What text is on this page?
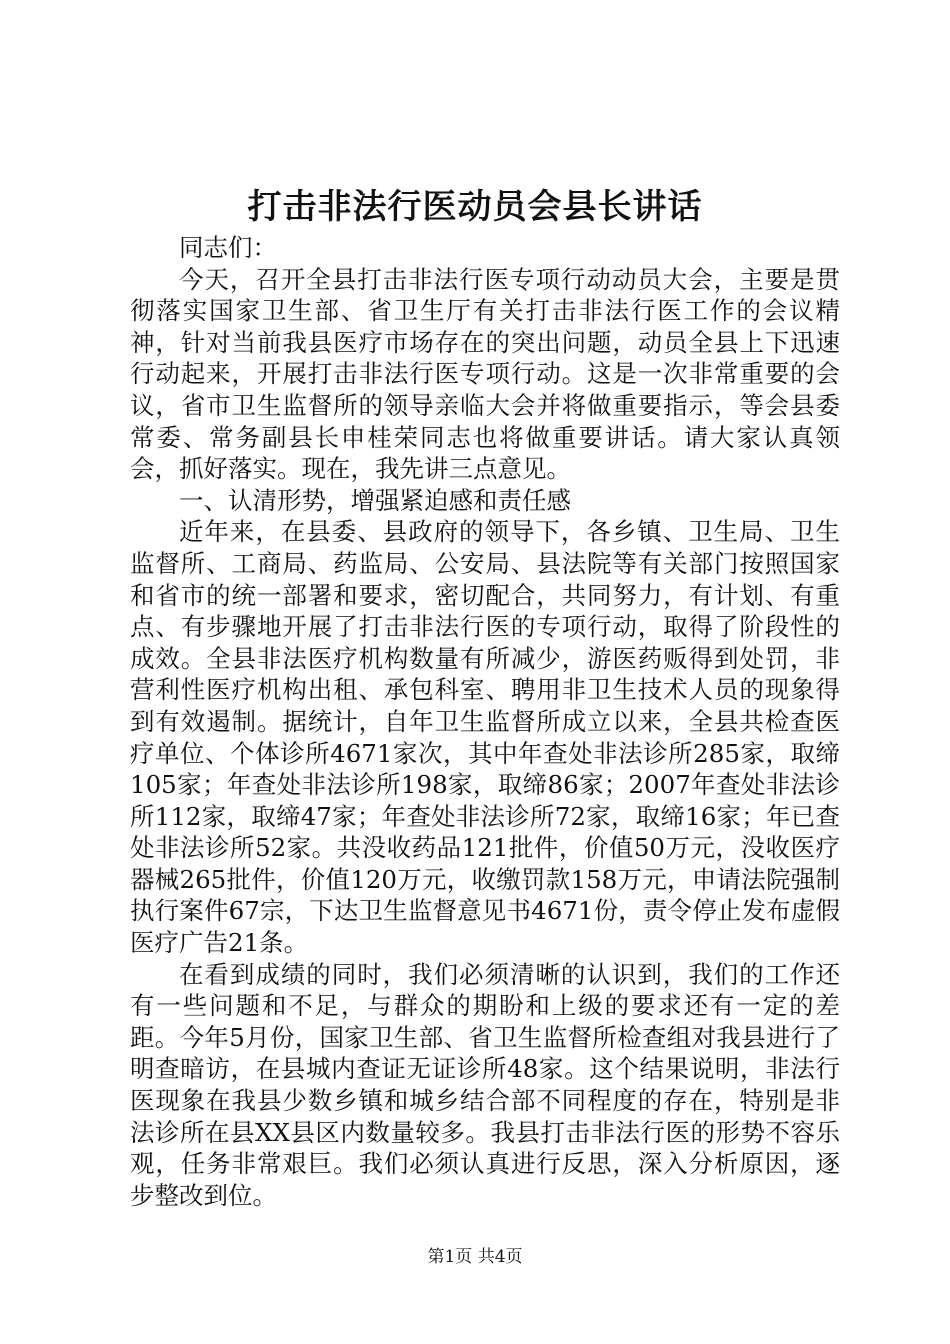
打击非法行医动员会县长讲话

同志们：

今天，召开全县打击非法行医专项行动动员大会，主要是贯彻落实国家卫生部、省卫生厅有关打击非法行医工作的会议精神，针对当前我县医疗市场存在的突出问题，动员全县上下迅速行动起来，开展打击非法行医专项行动。这是一次非常重要的会议，省市卫生监督所的领导亲临大会并将做重要指示，等会县委常委、常务副县长申桂荣同志也将做重要讲话。请大家认真领会，抓好落实。现在，我先讲三点意见。

一、认清形势，增强紧迫感和责任感

近年来，在县委、县政府的领导下，各乡镇、卫生局、卫生监督所、工商局、药监局、公安局、县法院等有关部门按照国家和省市的统一部署和要求，密切配合，共同努力，有计划、有重点、有步骤地开展了打击非法行医的专项行动，取得了阶段性的成效。全县非法医疗机构数量有所减少，游医药贩得到处罚，非营利性医疗机构出租、承包科室、聘用非卫生技术人员的现象得到有效遏制。据统计，自年卫生监督所成立以来，全县共检查医疗单位、个体诊所4671家次，其中年查处非法诊所285家，取缔105家；年查处非法诊所198家，取缔86家；2007年查处非法诊所112家，取缔47家；年查处非法诊所72家，取缔16家；年已查处非法诊所52家。共没收药品121批件，价值50万元，没收医疗器械265批件，价值120万元，收缴罚款158万元，申请法院强制执行案件67宗，下达卫生监督意见书4671份，责令停止发布虚假医疗广告21条。

在看到成绩的同时，我们必须清晰的认识到，我们的工作还有一些问题和不足，与群众的期盼和上级的要求还有一定的差距。今年5月份，国家卫生部、省卫生监督所检查组对我县进行了明查暗访，在县城内查证无证诊所48家。这个结果说明，非法行医现象在我县少数乡镇和城乡结合部不同程度的存在，特别是非法诊所在县XX县区内数量较多。我县打击非法行医的形势不容乐观，任务非常艰巨。我们必须认真进行反思，深入分析原因，逐步整改到位。

第1页 共4页
